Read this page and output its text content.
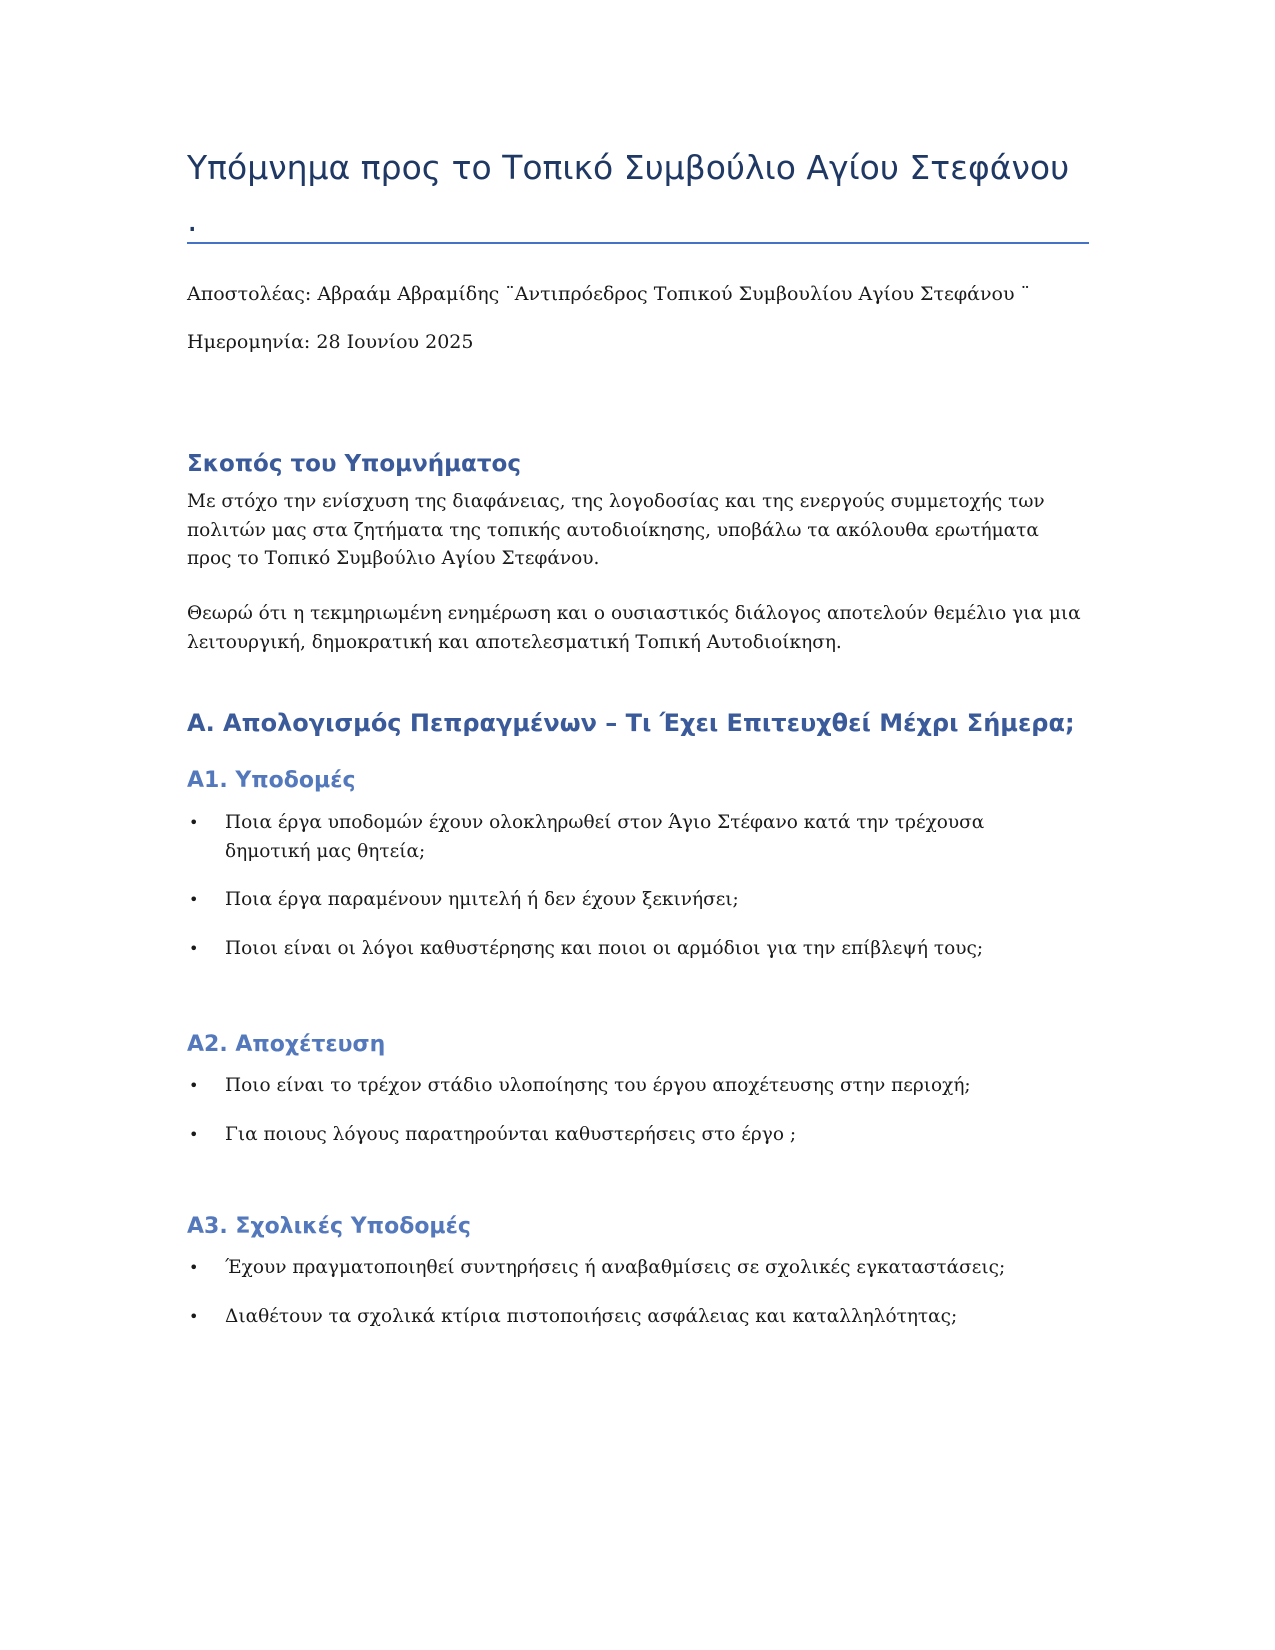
Υπόμνημα προς το Τοπικό Συμβούλιο Αγίου Στεφάνου .

Αποστολέας: Αβραάμ Αβραμίδης ¨Αντιπρόεδρος Τοπικού Συμβουλίου Αγίου Στεφάνου ¨

Ημερομηνία: 28 Ιουνίου 2025

Σκοπός του Υπομνήματος

Με στόχο την ενίσχυση της διαφάνειας, της λογοδοσίας και της ενεργούς συμμετοχής των πολιτών μας στα ζητήματα της τοπικής αυτοδιοίκησης, υποβάλω τα ακόλουθα ερωτήματα προς το Τοπικό Συμβούλιο Αγίου Στεφάνου.

Θεωρώ ότι η τεκμηριωμένη ενημέρωση και ο ουσιαστικός διάλογος αποτελούν θεμέλιο για μια λειτουργική, δημοκρατική και αποτελεσματική Τοπική Αυτοδιοίκηση.

Α. Απολογισμός Πεπραγμένων – Τι Έχει Επιτευχθεί Μέχρι Σήμερα;
Α1. Υποδομές
• Ποια έργα υποδομών έχουν ολοκληρωθεί στον Άγιο Στέφανο κατά την τρέχουσα δημοτική μας θητεία;
• Ποια έργα παραμένουν ημιτελή ή δεν έχουν ξεκινήσει;
• Ποιοι είναι οι λόγοι καθυστέρησης και ποιοι οι αρμόδιοι για την επίβλεψή τους;
Α2. Αποχέτευση
• Ποιο είναι το τρέχον στάδιο υλοποίησης του έργου αποχέτευσης στην περιοχή;
• Για ποιους λόγους παρατηρούνται καθυστερήσεις στο έργο ;
Α3. Σχολικές Υποδομές
• Έχουν πραγματοποιηθεί συντηρήσεις ή αναβαθμίσεις σε σχολικές εγκαταστάσεις;
• Διαθέτουν τα σχολικά κτίρια πιστοποιήσεις ασφάλειας και καταλληλότητας;
